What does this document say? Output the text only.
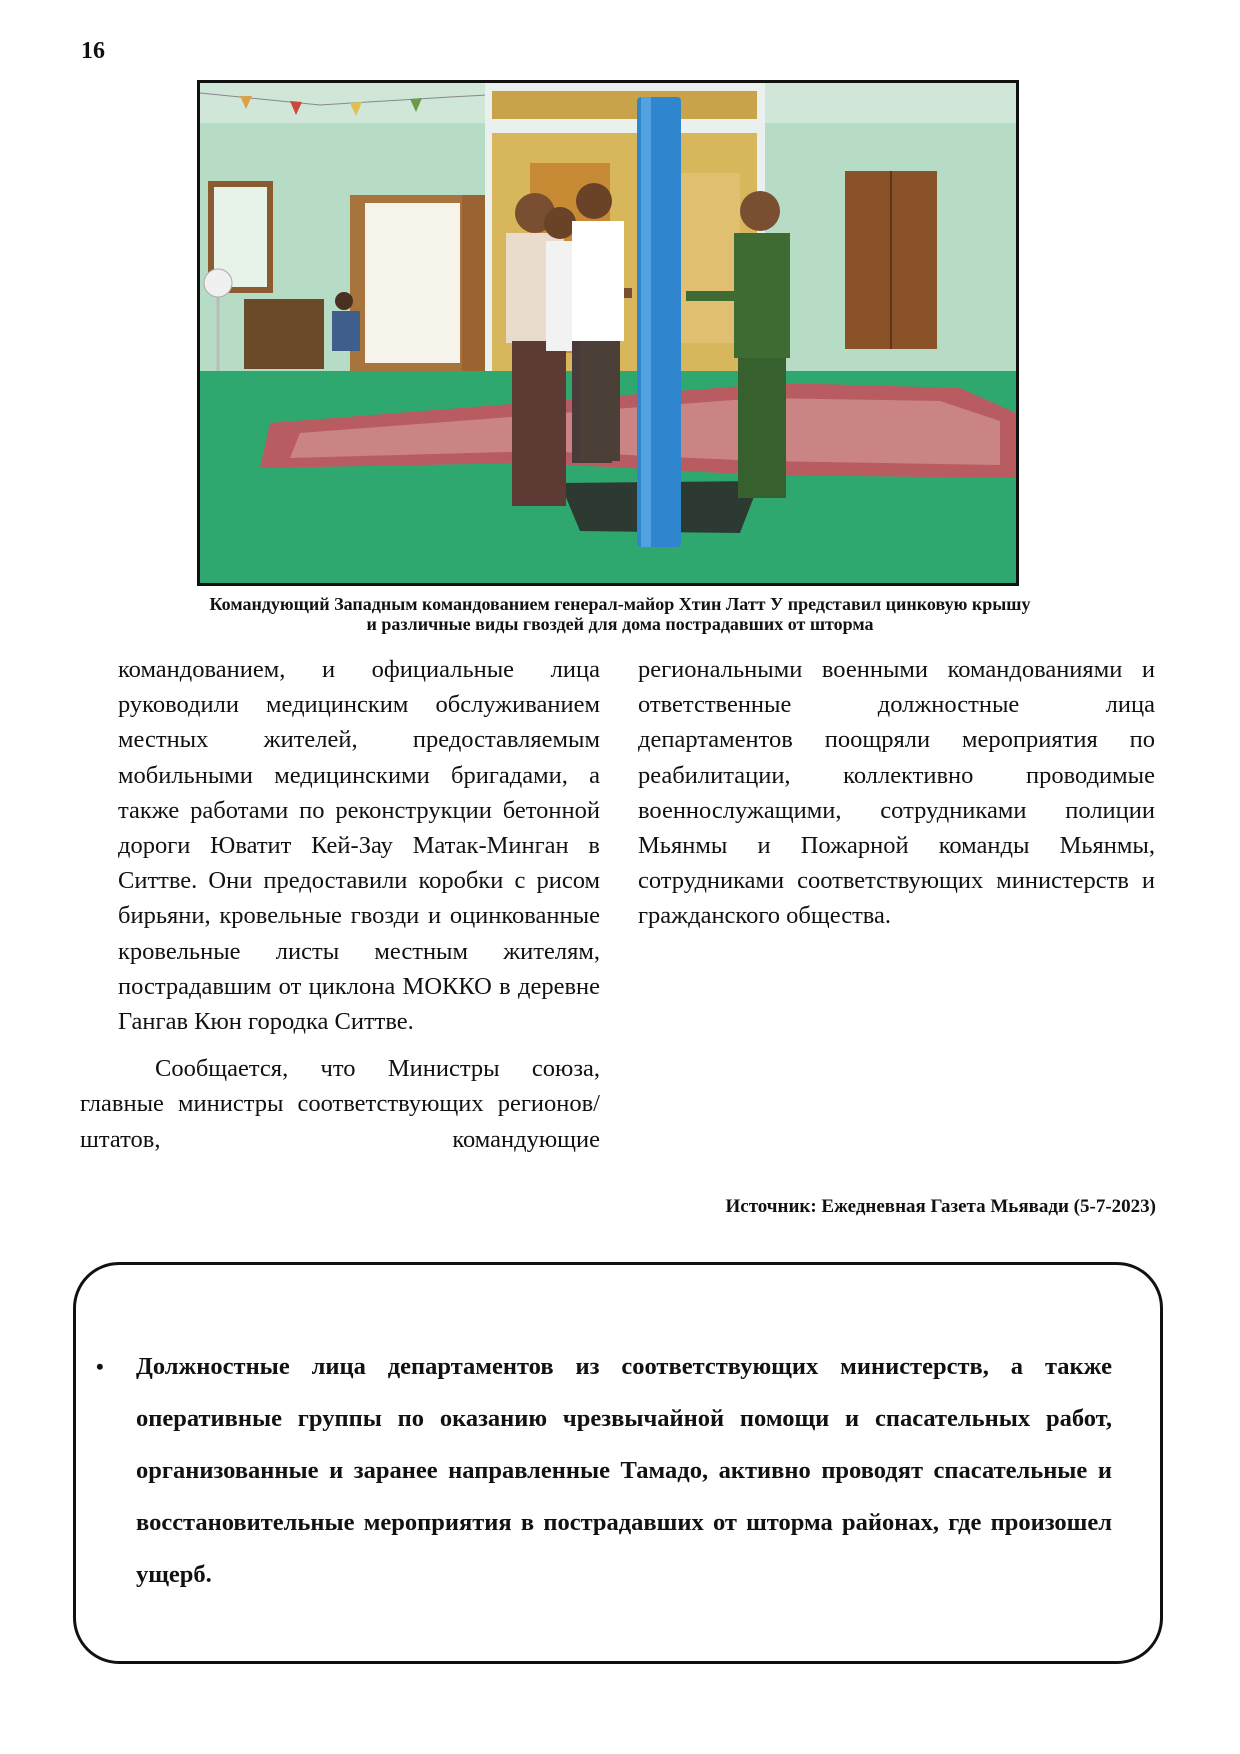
16
Командующий Западным командованием генерал-майор Хтин Латт У представил цинковую крышу
и различные виды гвоздей для дома пострадавших от шторма

командованием, и официальные лица руководили медицинским обслуживанием местных жителей, предоставляемым мобильными медицинскими бригадами, а также работами по реконструкции бетонной дороги Юватит Кей-Зау Матак-Минган в Ситтве. Они предоставили коробки с рисом бирьяни, кровельные гвозди и оцинкованные кровельные листы местным жителям, пострадавшим от циклона МОККО в деревне Гангав Кюн городка Ситтве.

Сообщается, что Министры союза, главные министры соответствующих регионов/штатов, командующие

региональными военными командованиями и ответственные должностные лица департаментов поощряли мероприятия по реабилитации, коллективно проводимые военнослужащими, сотрудниками полиции Мьянмы и Пожарной команды Мьянмы, сотрудниками соответствующих министерств и гражданского общества.

Источник: Ежедневная Газета Мьявади (5-7-2023)
• Должностные лица департаментов из соответствующих министерств, а также оперативные группы по оказанию чрезвычайной помощи и спасательных работ, организованные и заранее направленные Тамадо, активно проводят спасательные и восстановительные мероприятия в пострадавших от шторма районах, где произошел ущерб.
